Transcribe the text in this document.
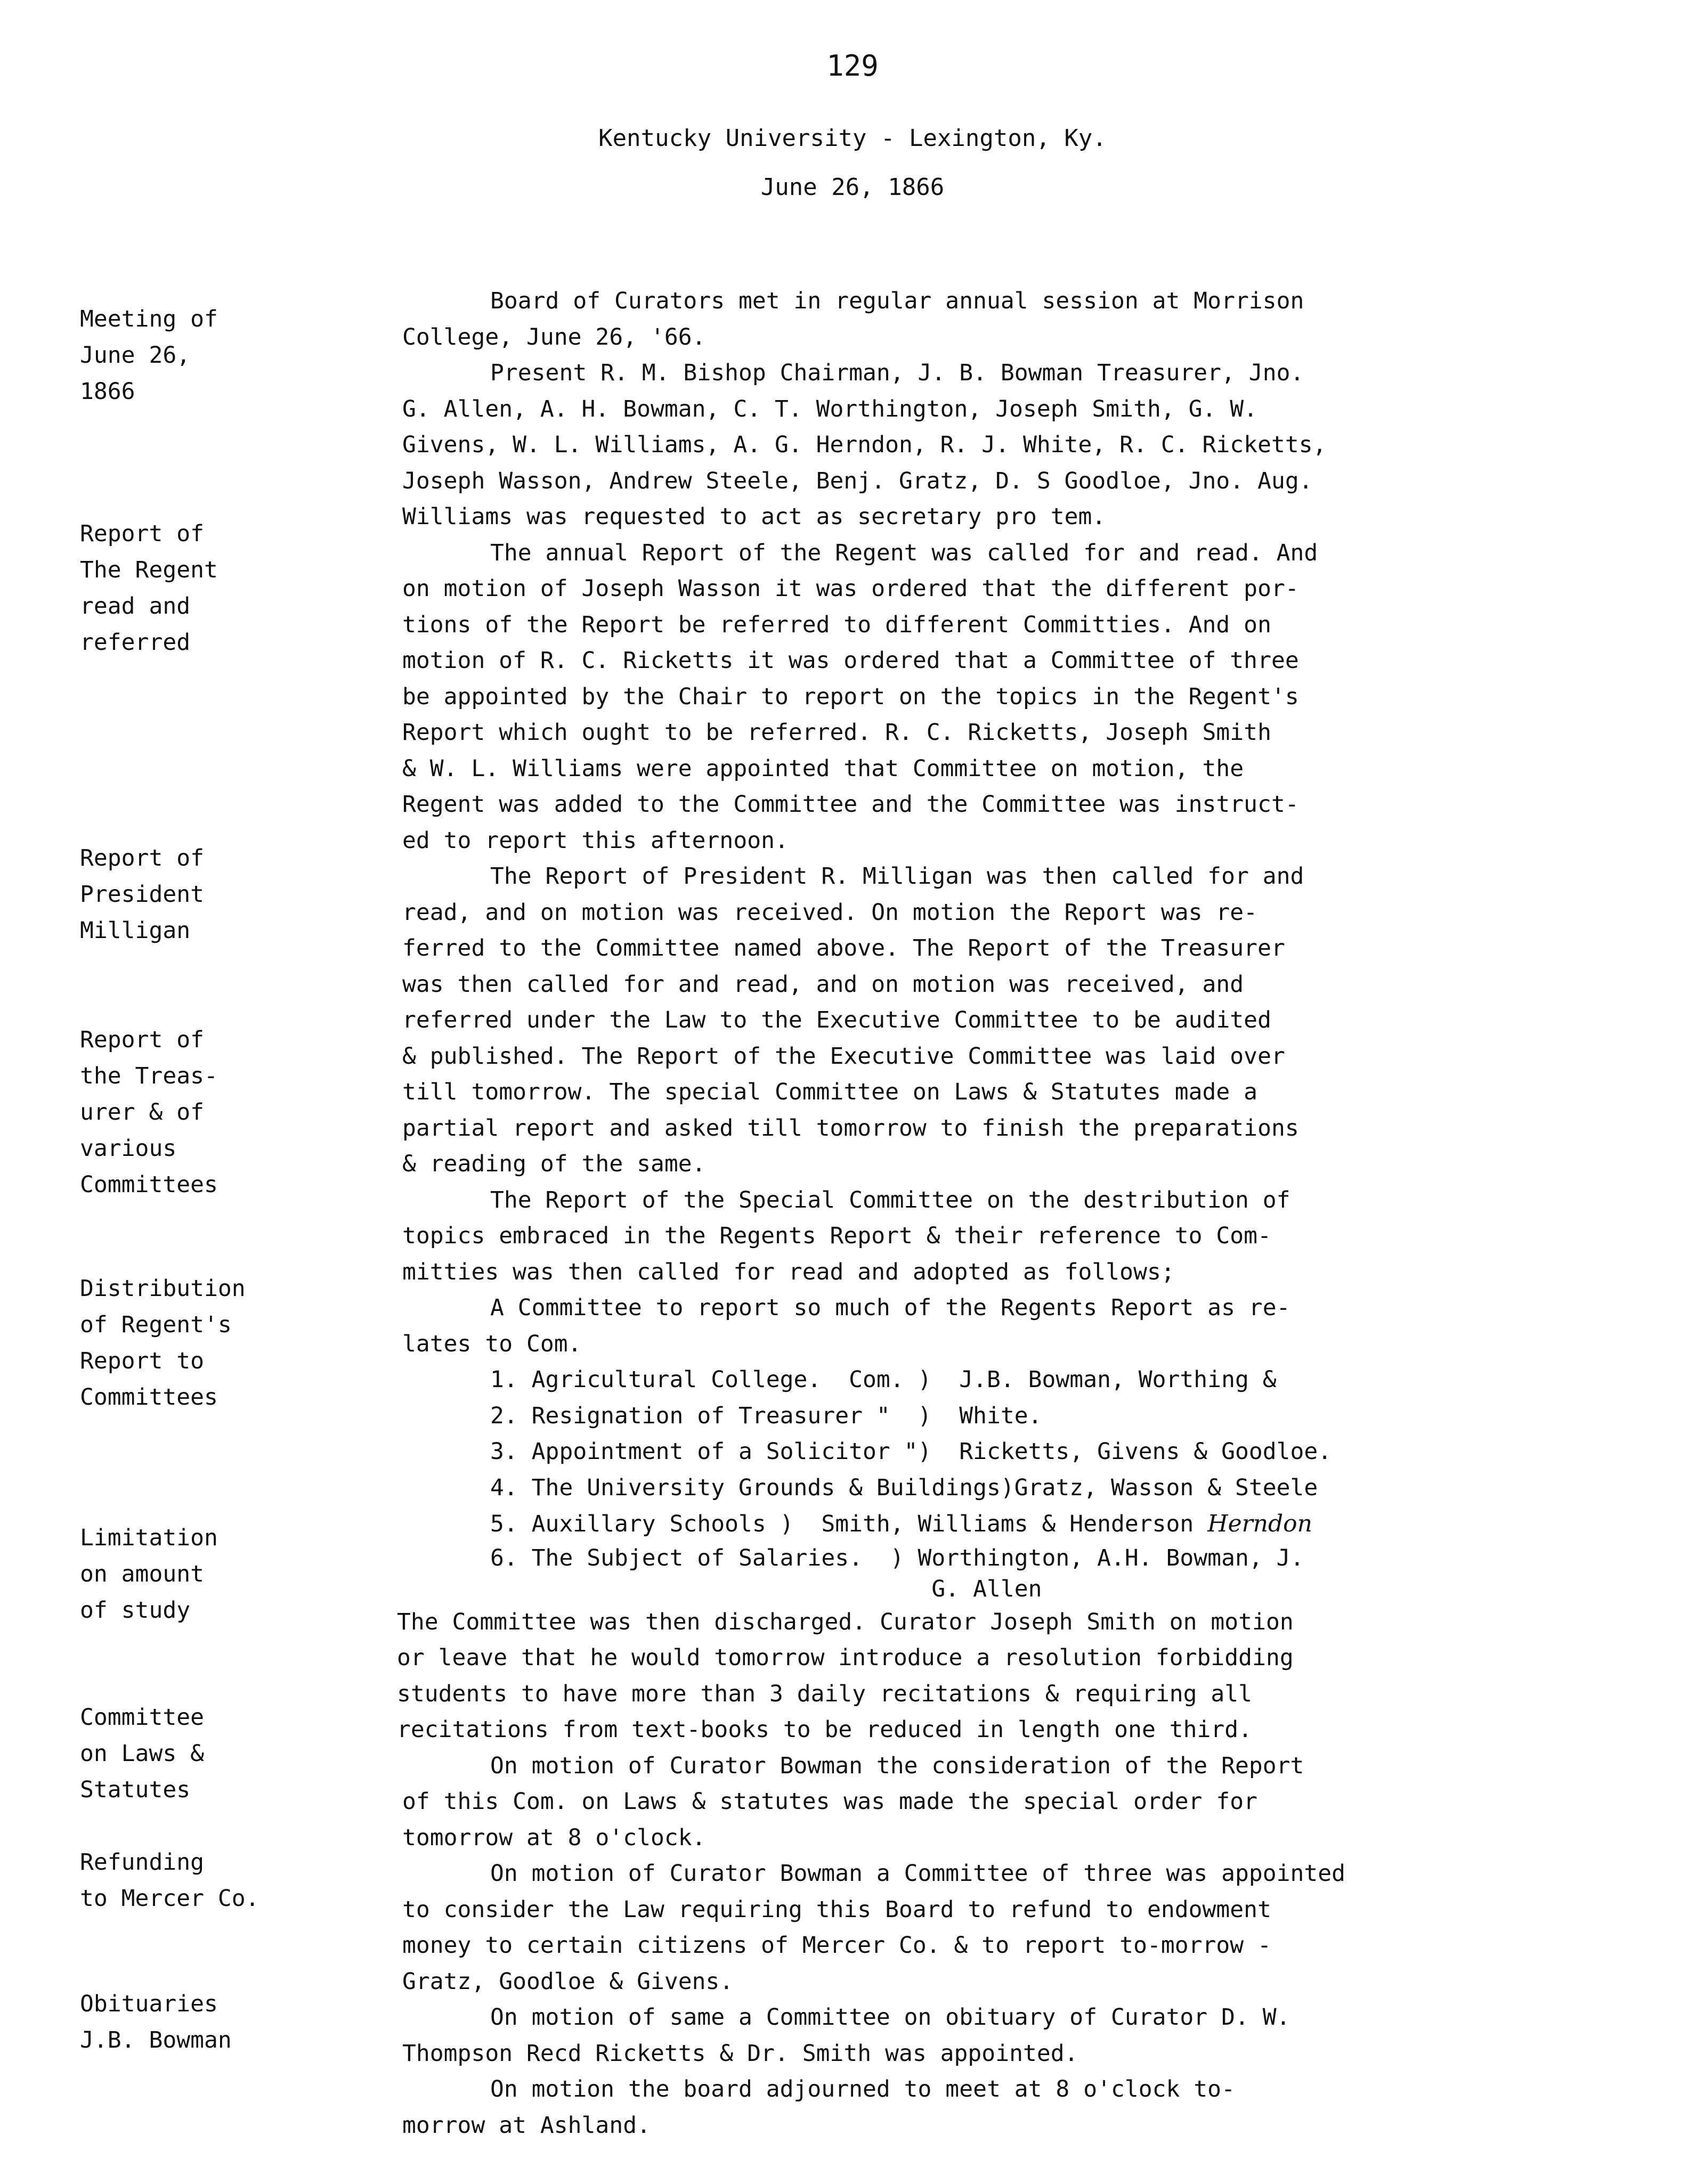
129
Kentucky University - Lexington, Ky.
June 26, 1866
Meeting of
June 26,
1866
Report of
The Regent
read and
referred
Report of
President
Milligan
Report of
the Treas-
urer & of
various
Committees
Distribution
of Regent's
Report to
Committees
Limitation
on amount
of study
Committee
on Laws &
Statutes
Refunding
to Mercer Co.
Obituaries
J.B. Bowman

Board of Curators met in regular annual session at Morrison
College, June 26, '66.

Present R. M. Bishop Chairman, J. B. Bowman Treasurer, Jno.
G. Allen, A. H. Bowman, C. T. Worthington, Joseph Smith, G. W.
Givens, W. L. Williams, A. G. Herndon, R. J. White, R. C. Ricketts,
Joseph Wasson, Andrew Steele, Benj. Gratz, D. S Goodloe, Jno. Aug.
Williams was requested to act as secretary pro tem.

The annual Report of the Regent was called for and read. And
on motion of Joseph Wasson it was ordered that the different por-
tions of the Report be referred to different Committies. And on
motion of R. C. Ricketts it was ordered that a Committee of three
be appointed by the Chair to report on the topics in the Regent's
Report which ought to be referred. R. C. Ricketts, Joseph Smith
& W. L. Williams were appointed that Committee on motion, the
Regent was added to the Committee and the Committee was instruct-
ed to report this afternoon.

The Report of President R. Milligan was then called for and
read, and on motion was received. On motion the Report was re-
ferred to the Committee named above. The Report of the Treasurer
was then called for and read, and on motion was received, and
referred under the Law to the Executive Committee to be audited
& published. The Report of the Executive Committee was laid over
till tomorrow. The special Committee on Laws & Statutes made a
partial report and asked till tomorrow to finish the preparations
& reading of the same.

The Report of the Special Committee on the destribution of
topics embraced in the Regents Report & their reference to Com-
mitties was then called for read and adopted as follows;

A Committee to report so much of the Regents Report as re-
lates to Com.

1. Agricultural College.  Com. )  J.B. Bowman, Worthing &
2. Resignation of Treasurer "  )  White.
3. Appointment of a Solicitor ")  Ricketts, Givens & Goodloe.
4. The University Grounds & Buildings)Gratz, Wasson & Steele
5. Auxillary Schools )  Smith, Williams & Henderson Herndon
6. The Subject of Salaries.  ) Worthington, A.H. Bowman, J.
G. Allen

The Committee was then discharged. Curator Joseph Smith on motion
or leave that he would tomorrow introduce a resolution forbidding
students to have more than 3 daily recitations & requiring all
recitations from text-books to be reduced in length one third.

On motion of Curator Bowman the consideration of the Report
of this Com. on Laws & statutes was made the special order for
tomorrow at 8 o'clock.

On motion of Curator Bowman a Committee of three was appointed
to consider the Law requiring this Board to refund to endowment
money to certain citizens of Mercer Co. & to report to-morrow -
Gratz, Goodloe & Givens.

On motion of same a Committee on obituary of Curator D. W.
Thompson Recd Ricketts & Dr. Smith was appointed.

On motion the board adjourned to meet at 8 o'clock to-
morrow at Ashland.
